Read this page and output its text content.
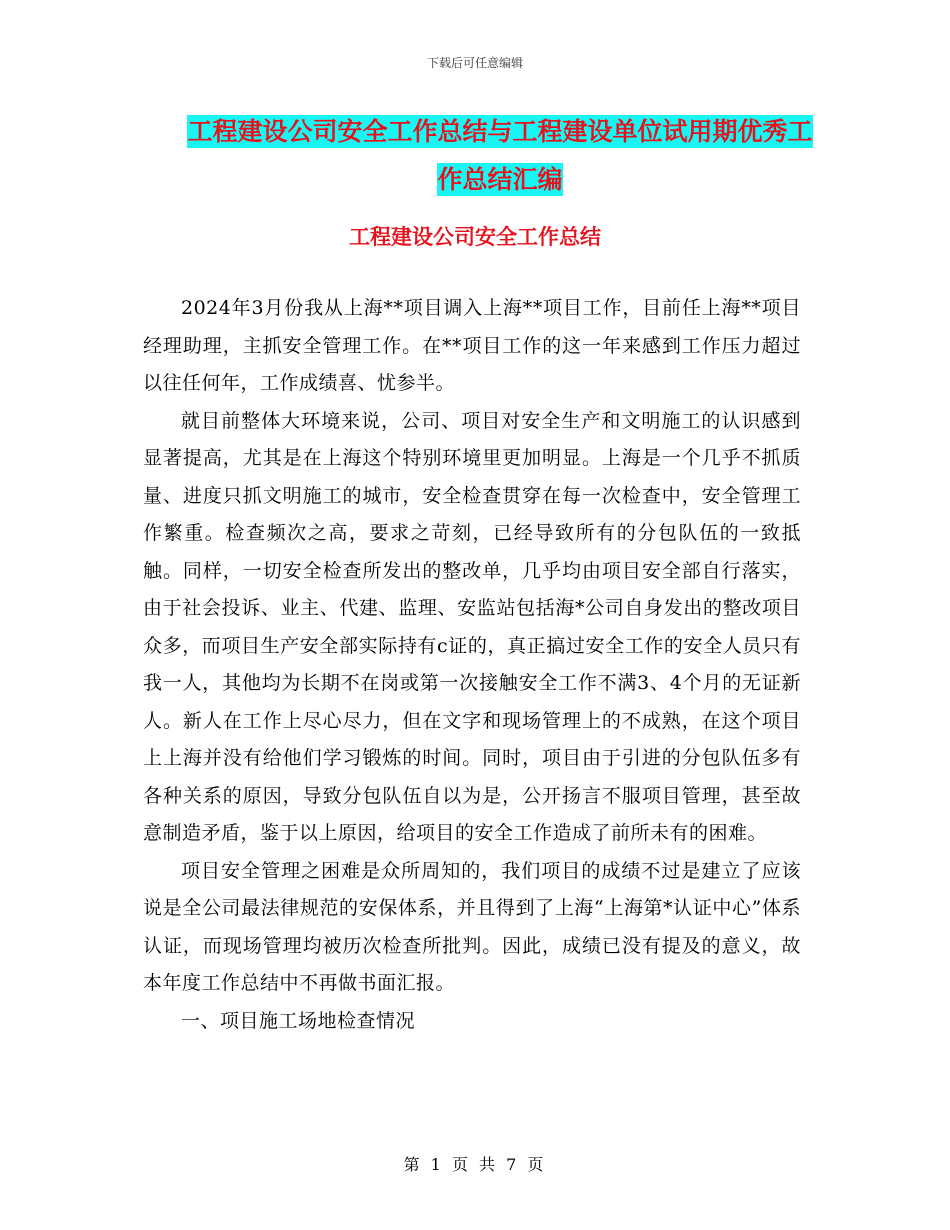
下载后可任意编辑
工程建设公司安全工作总结与工程建设单位试用期优秀工作总结汇编
工程建设公司安全工作总结

2024年3月份我从上海**项目调入上海**项目工作，目前任上海**项目经理助理，主抓安全管理工作。在**项目工作的这一年来感到工作压力超过以往任何年，工作成绩喜、忧参半。

就目前整体大环境来说，公司、项目对安全生产和文明施工的认识感到显著提高，尤其是在上海这个特别环境里更加明显。上海是一个几乎不抓质量、进度只抓文明施工的城市，安全检查贯穿在每一次检查中，安全管理工作繁重。检查频次之高，要求之苛刻，已经导致所有的分包队伍的一致抵触。同样，一切安全检查所发出的整改单，几乎均由项目安全部自行落实，由于社会投诉、业主、代建、监理、安监站包括海*公司自身发出的整改项目众多，而项目生产安全部实际持有c证的，真正搞过安全工作的安全人员只有我一人，其他均为长期不在岗或第一次接触安全工作不满3、4个月的无证新人。新人在工作上尽心尽力，但在文字和现场管理上的不成熟，在这个项目上上海并没有给他们学习锻炼的时间。同时，项目由于引进的分包队伍多有各种关系的原因，导致分包队伍自以为是，公开扬言不服项目管理，甚至故意制造矛盾，鉴于以上原因，给项目的安全工作造成了前所未有的困难。

项目安全管理之困难是众所周知的，我们项目的成绩不过是建立了应该说是全公司最法律规范的安保体系，并且得到了上海“上海第*认证中心”体系认证，而现场管理均被历次检查所批判。因此，成绩已没有提及的意义，故本年度工作总结中不再做书面汇报。

一、项目施工场地检查情况

第 1 页 共 7 页
